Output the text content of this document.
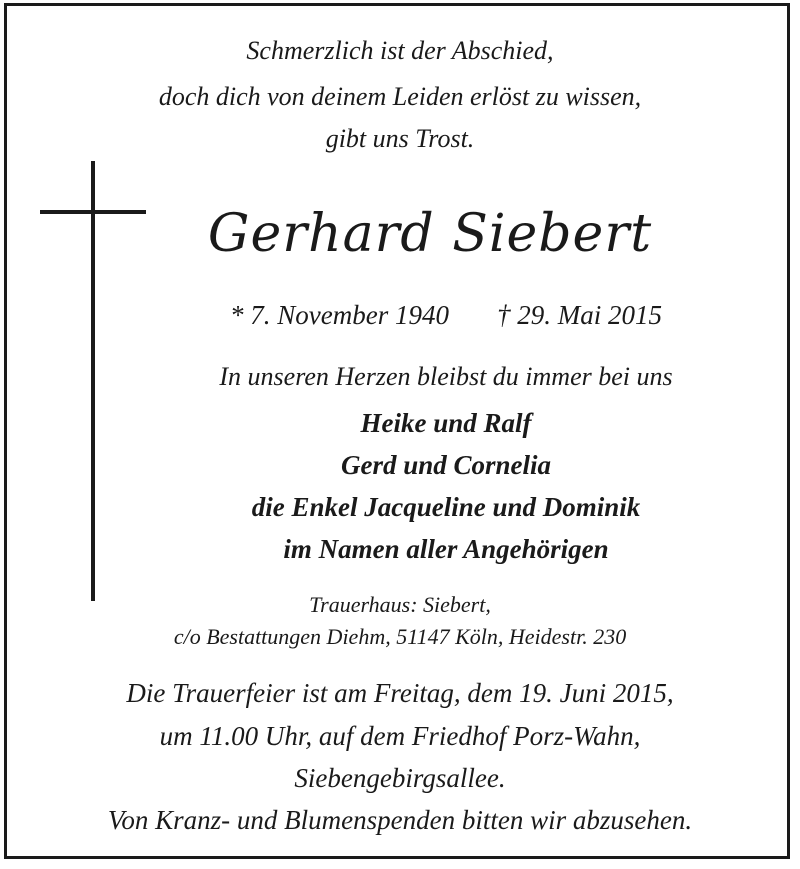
Schmerzlich ist der Abschied,
doch dich von deinem Leiden erlöst zu wissen,
gibt uns Trost.
Gerhard Siebert
* 7. November 1940 † 29. Mai 2015
In unseren Herzen bleibst du immer bei uns
Heike und Ralf
Gerd und Cornelia
die Enkel Jacqueline und Dominik
im Namen aller Angehörigen
Trauerhaus: Siebert,
c/o Bestattungen Diehm, 51147 Köln, Heidestr. 230
Die Trauerfeier ist am Freitag, dem 19. Juni 2015,
um 11.00 Uhr, auf dem Friedhof Porz-Wahn,
Siebengebirgsallee.
Von Kranz- und Blumenspenden bitten wir abzusehen.
